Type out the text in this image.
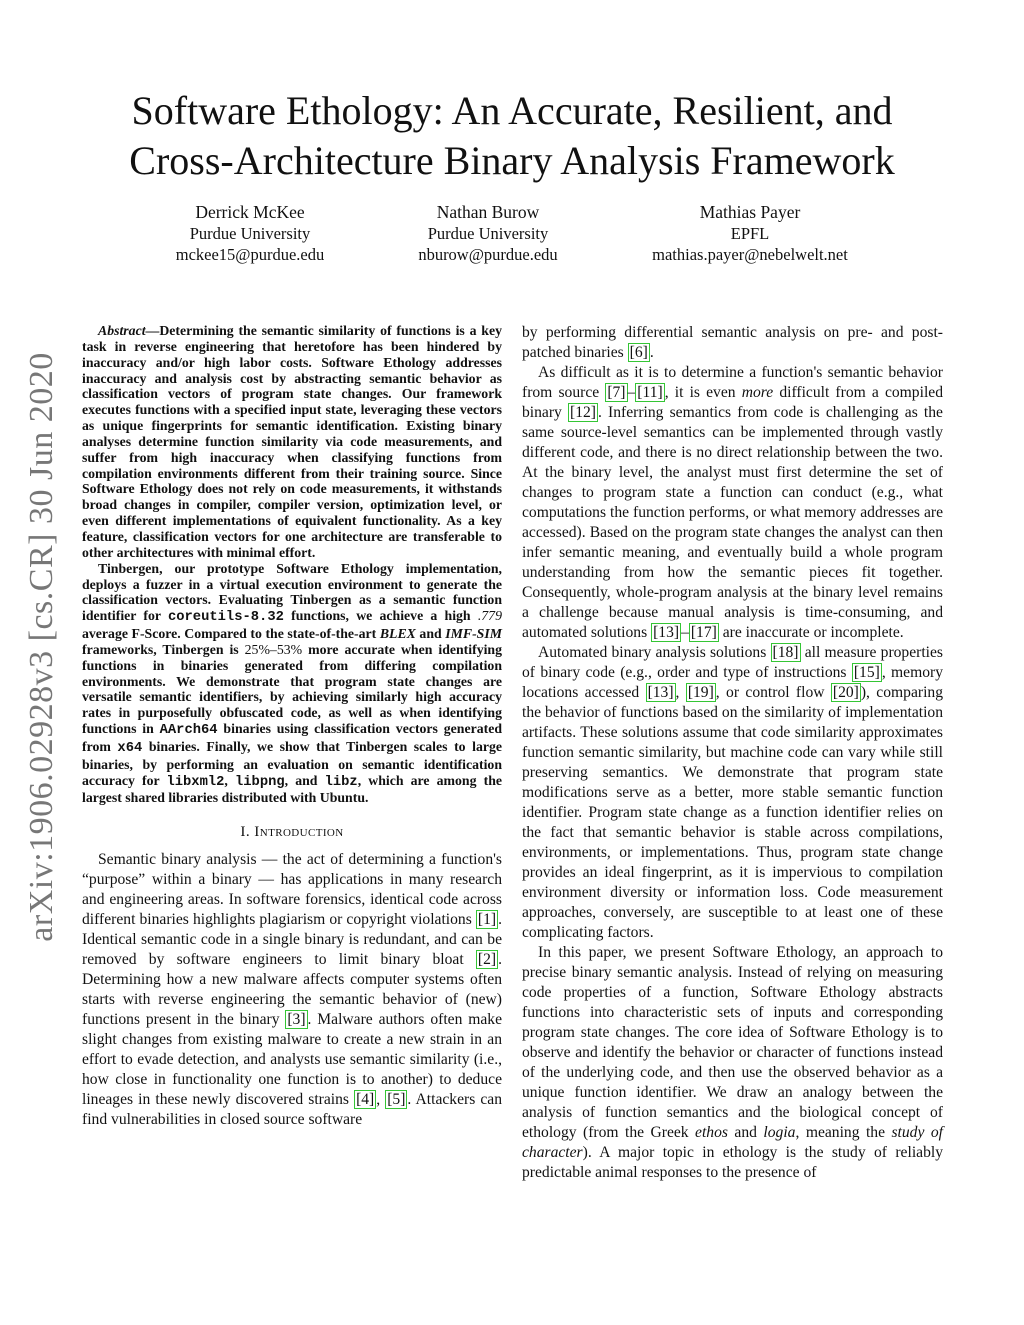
arXiv:1906.02928v3 [cs.CR] 30 Jun 2020
Software Ethology: An Accurate, Resilient, and
Cross-Architecture Binary Analysis Framework
Derrick McKee
Purdue University
mckee15@purdue.edu
Nathan Burow
Purdue University
nburow@purdue.edu
Mathias Payer
EPFL
mathias.payer@nebelwelt.net

Abstract—Determining the semantic similarity of functions is a key task in reverse engineering that heretofore has been hindered by inaccuracy and/or high labor costs. Software Ethology addresses inaccuracy and analysis cost by abstracting semantic behavior as classification vectors of program state changes. Our framework executes functions with a specified input state, leveraging these vectors as unique fingerprints for semantic identification. Existing binary analyses determine function similarity via code measurements, and suffer from high inaccuracy when classifying functions from compilation environments different from their training source. Since Software Ethology does not rely on code measurements, it withstands broad changes in compiler, compiler version, optimization level, or even different implementations of equivalent functionality. As a key feature, classification vectors for one architecture are transferable to other architectures with minimal effort.

Tinbergen, our prototype Software Ethology implementation, deploys a fuzzer in a virtual execution environment to generate the classification vectors. Evaluating Tinbergen as a semantic function identifier for coreutils-8.32 functions, we achieve a high .779 average F-Score. Compared to the state-of-the-art BLEX and IMF-SIM frameworks, Tinbergen is 25%–53% more accurate when identifying functions in binaries generated from differing compilation environments. We demonstrate that program state changes are versatile semantic identifiers, by achieving similarly high accuracy rates in purposefully obfuscated code, as well as when identifying functions in AArch64 binaries using classification vectors generated from x64 binaries. Finally, we show that Tinbergen scales to large binaries, by performing an evaluation on semantic identification accuracy for libxml2, libpng, and libz, which are among the largest shared libraries distributed with Ubuntu.

I. Introduction

Semantic binary analysis — the act of determining a function's “purpose” within a binary — has applications in many research and engineering areas. In software forensics, identical code across different binaries highlights plagiarism or copyright violations [1] . Identical semantic code in a single binary is redundant, and can be removed by software engineers to limit binary bloat [2] . Determining how a new malware affects computer systems often starts with reverse engineering the semantic behavior of (new) functions present in the binary [3] . Malware authors often make slight changes from existing malware to create a new strain in an effort to evade detection, and analysts use semantic similarity (i.e., how close in functionality one function is to another) to deduce lineages in these newly discovered strains [4] , [5] . Attackers can find vulnerabilities in closed source software

by performing differential semantic analysis on pre- and post-patched binaries [6] .

As difficult as it is to determine a function's semantic behavior from source [7] – [11] , it is even more difficult from a compiled binary [12] . Inferring semantics from code is challenging as the same source-level semantics can be implemented through vastly different code, and there is no direct relationship between the two. At the binary level, the analyst must first determine the set of changes to program state a function can conduct (e.g., what computations the function performs, or what memory addresses are accessed). Based on the program state changes the analyst can then infer semantic meaning, and eventually build a whole program understanding from how the semantic pieces fit together. Consequently, whole-program analysis at the binary level remains a challenge because manual analysis is time-consuming, and automated solutions [13] – [17] are inaccurate or incomplete.

Automated binary analysis solutions [18] all measure properties of binary code (e.g., order and type of instructions [15] , memory locations accessed [13] , [19] , or control flow [20] ), comparing the behavior of functions based on the similarity of implementation artifacts. These solutions assume that code similarity approximates function semantic similarity, but machine code can vary while still preserving semantics. We demonstrate that program state modifications serve as a better, more stable semantic function identifier. Program state change as a function identifier relies on the fact that semantic behavior is stable across compilations, environments, or implementations. Thus, program state change provides an ideal fingerprint, as it is impervious to compilation environment diversity or information loss. Code measurement approaches, conversely, are susceptible to at least one of these complicating factors.

In this paper, we present Software Ethology, an approach to precise binary semantic analysis. Instead of relying on measuring code properties of a function, Software Ethology abstracts functions into characteristic sets of inputs and corresponding program state changes. The core idea of Software Ethology is to observe and identify the behavior or character of functions instead of the underlying code, and then use the observed behavior as a unique function identifier. We draw an analogy between the analysis of function semantics and the biological concept of ethology (from the Greek ethos and logia, meaning the study of character). A major topic in ethology is the study of reliably predictable animal responses to the presence of
